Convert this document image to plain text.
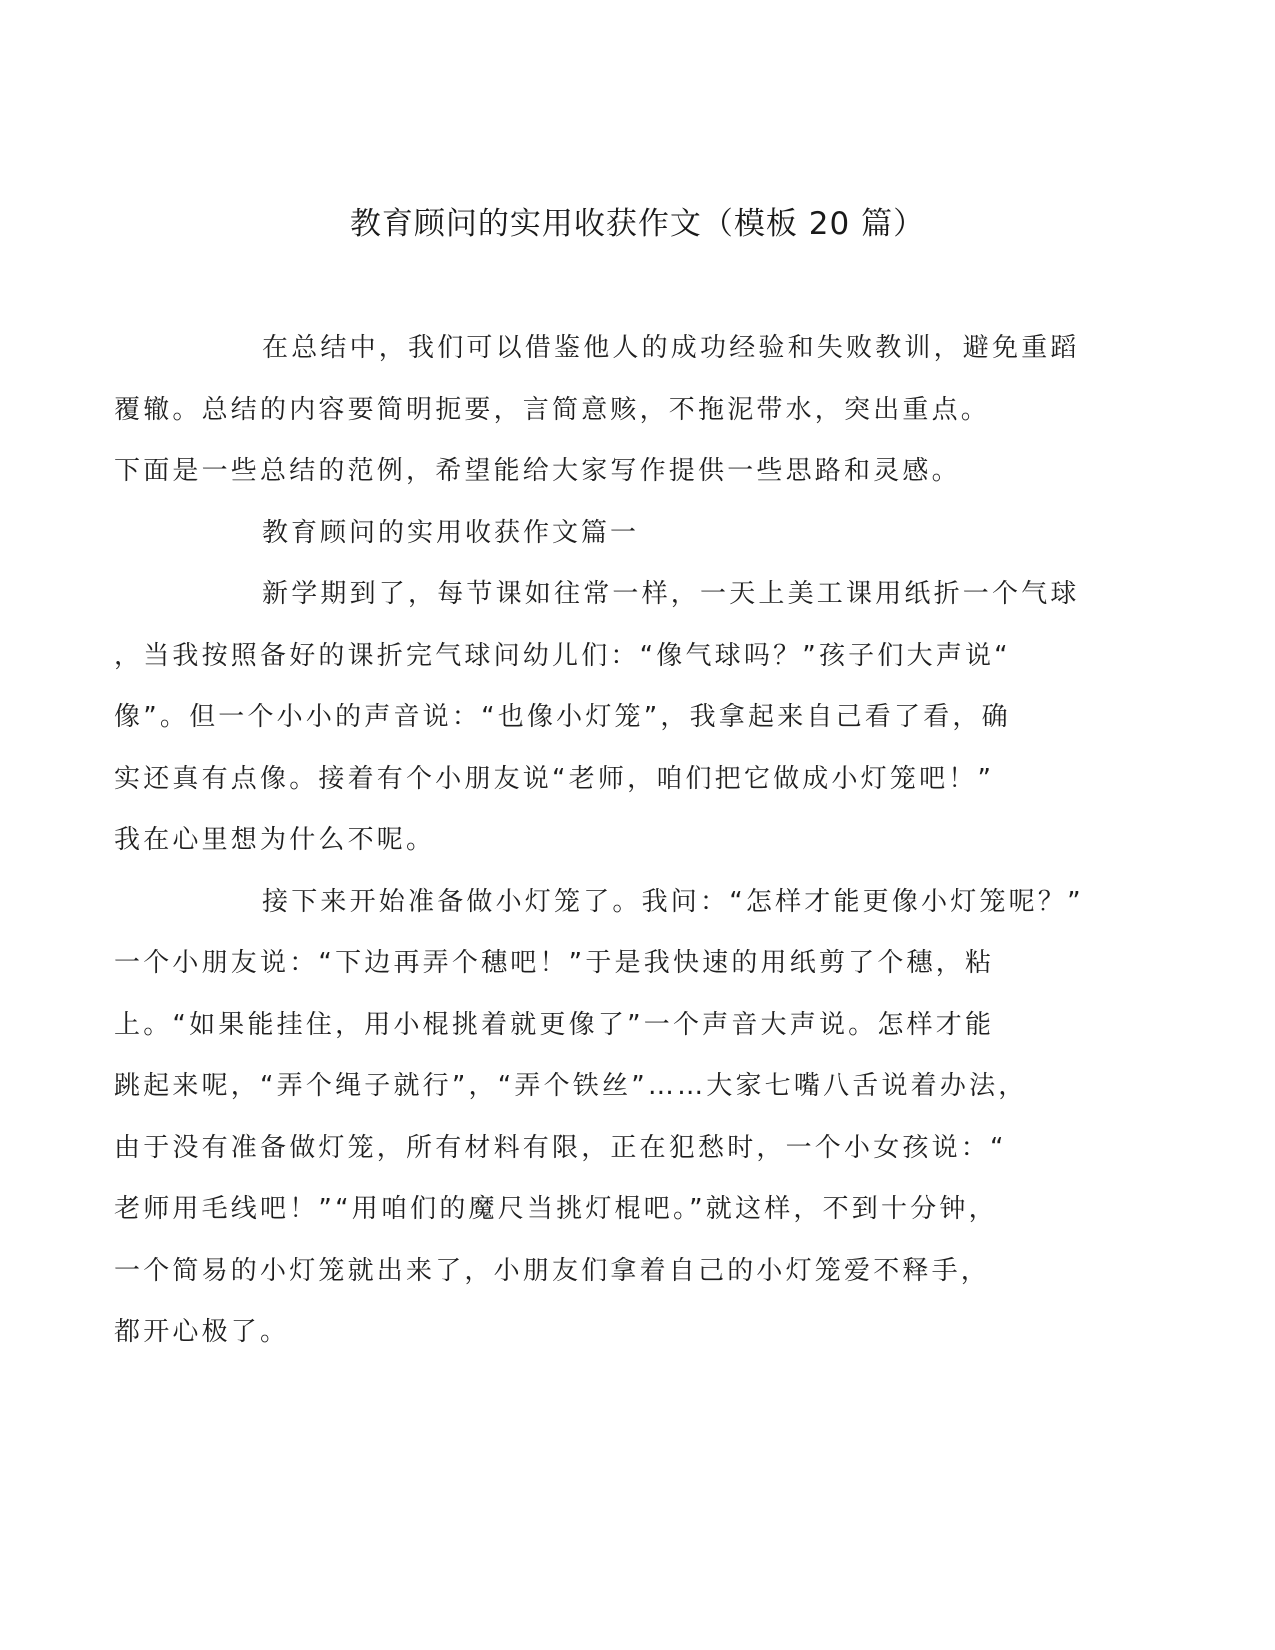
教育顾问的实用收获作文（模板 20 篇）

在总结中，我们可以借鉴他人的成功经验和失败教训，避免重蹈
覆辙。总结的内容要简明扼要，言简意赅，不拖泥带水，突出重点。
下面是一些总结的范例，希望能给大家写作提供一些思路和灵感。

教育顾问的实用收获作文篇一

新学期到了，每节课如往常一样，一天上美工课用纸折一个气球
，当我按照备好的课折完气球问幼儿们：“像气球吗？”孩子们大声说“
像”。但一个小小的声音说：“也像小灯笼”，我拿起来自己看了看，确
实还真有点像。接着有个小朋友说“老师，咱们把它做成小灯笼吧！”
我在心里想为什么不呢。

接下来开始准备做小灯笼了。我问：“怎样才能更像小灯笼呢？”
一个小朋友说：“下边再弄个穗吧！”于是我快速的用纸剪了个穗，粘
上。“如果能挂住，用小棍挑着就更像了”一个声音大声说。怎样才能
跳起来呢，“弄个绳子就行”，“弄个铁丝”……大家七嘴八舌说着办法，
由于没有准备做灯笼，所有材料有限，正在犯愁时，一个小女孩说：“
老师用毛线吧！”“用咱们的魔尺当挑灯棍吧。”就这样，不到十分钟，
一个简易的小灯笼就出来了，小朋友们拿着自己的小灯笼爱不释手，
都开心极了。
